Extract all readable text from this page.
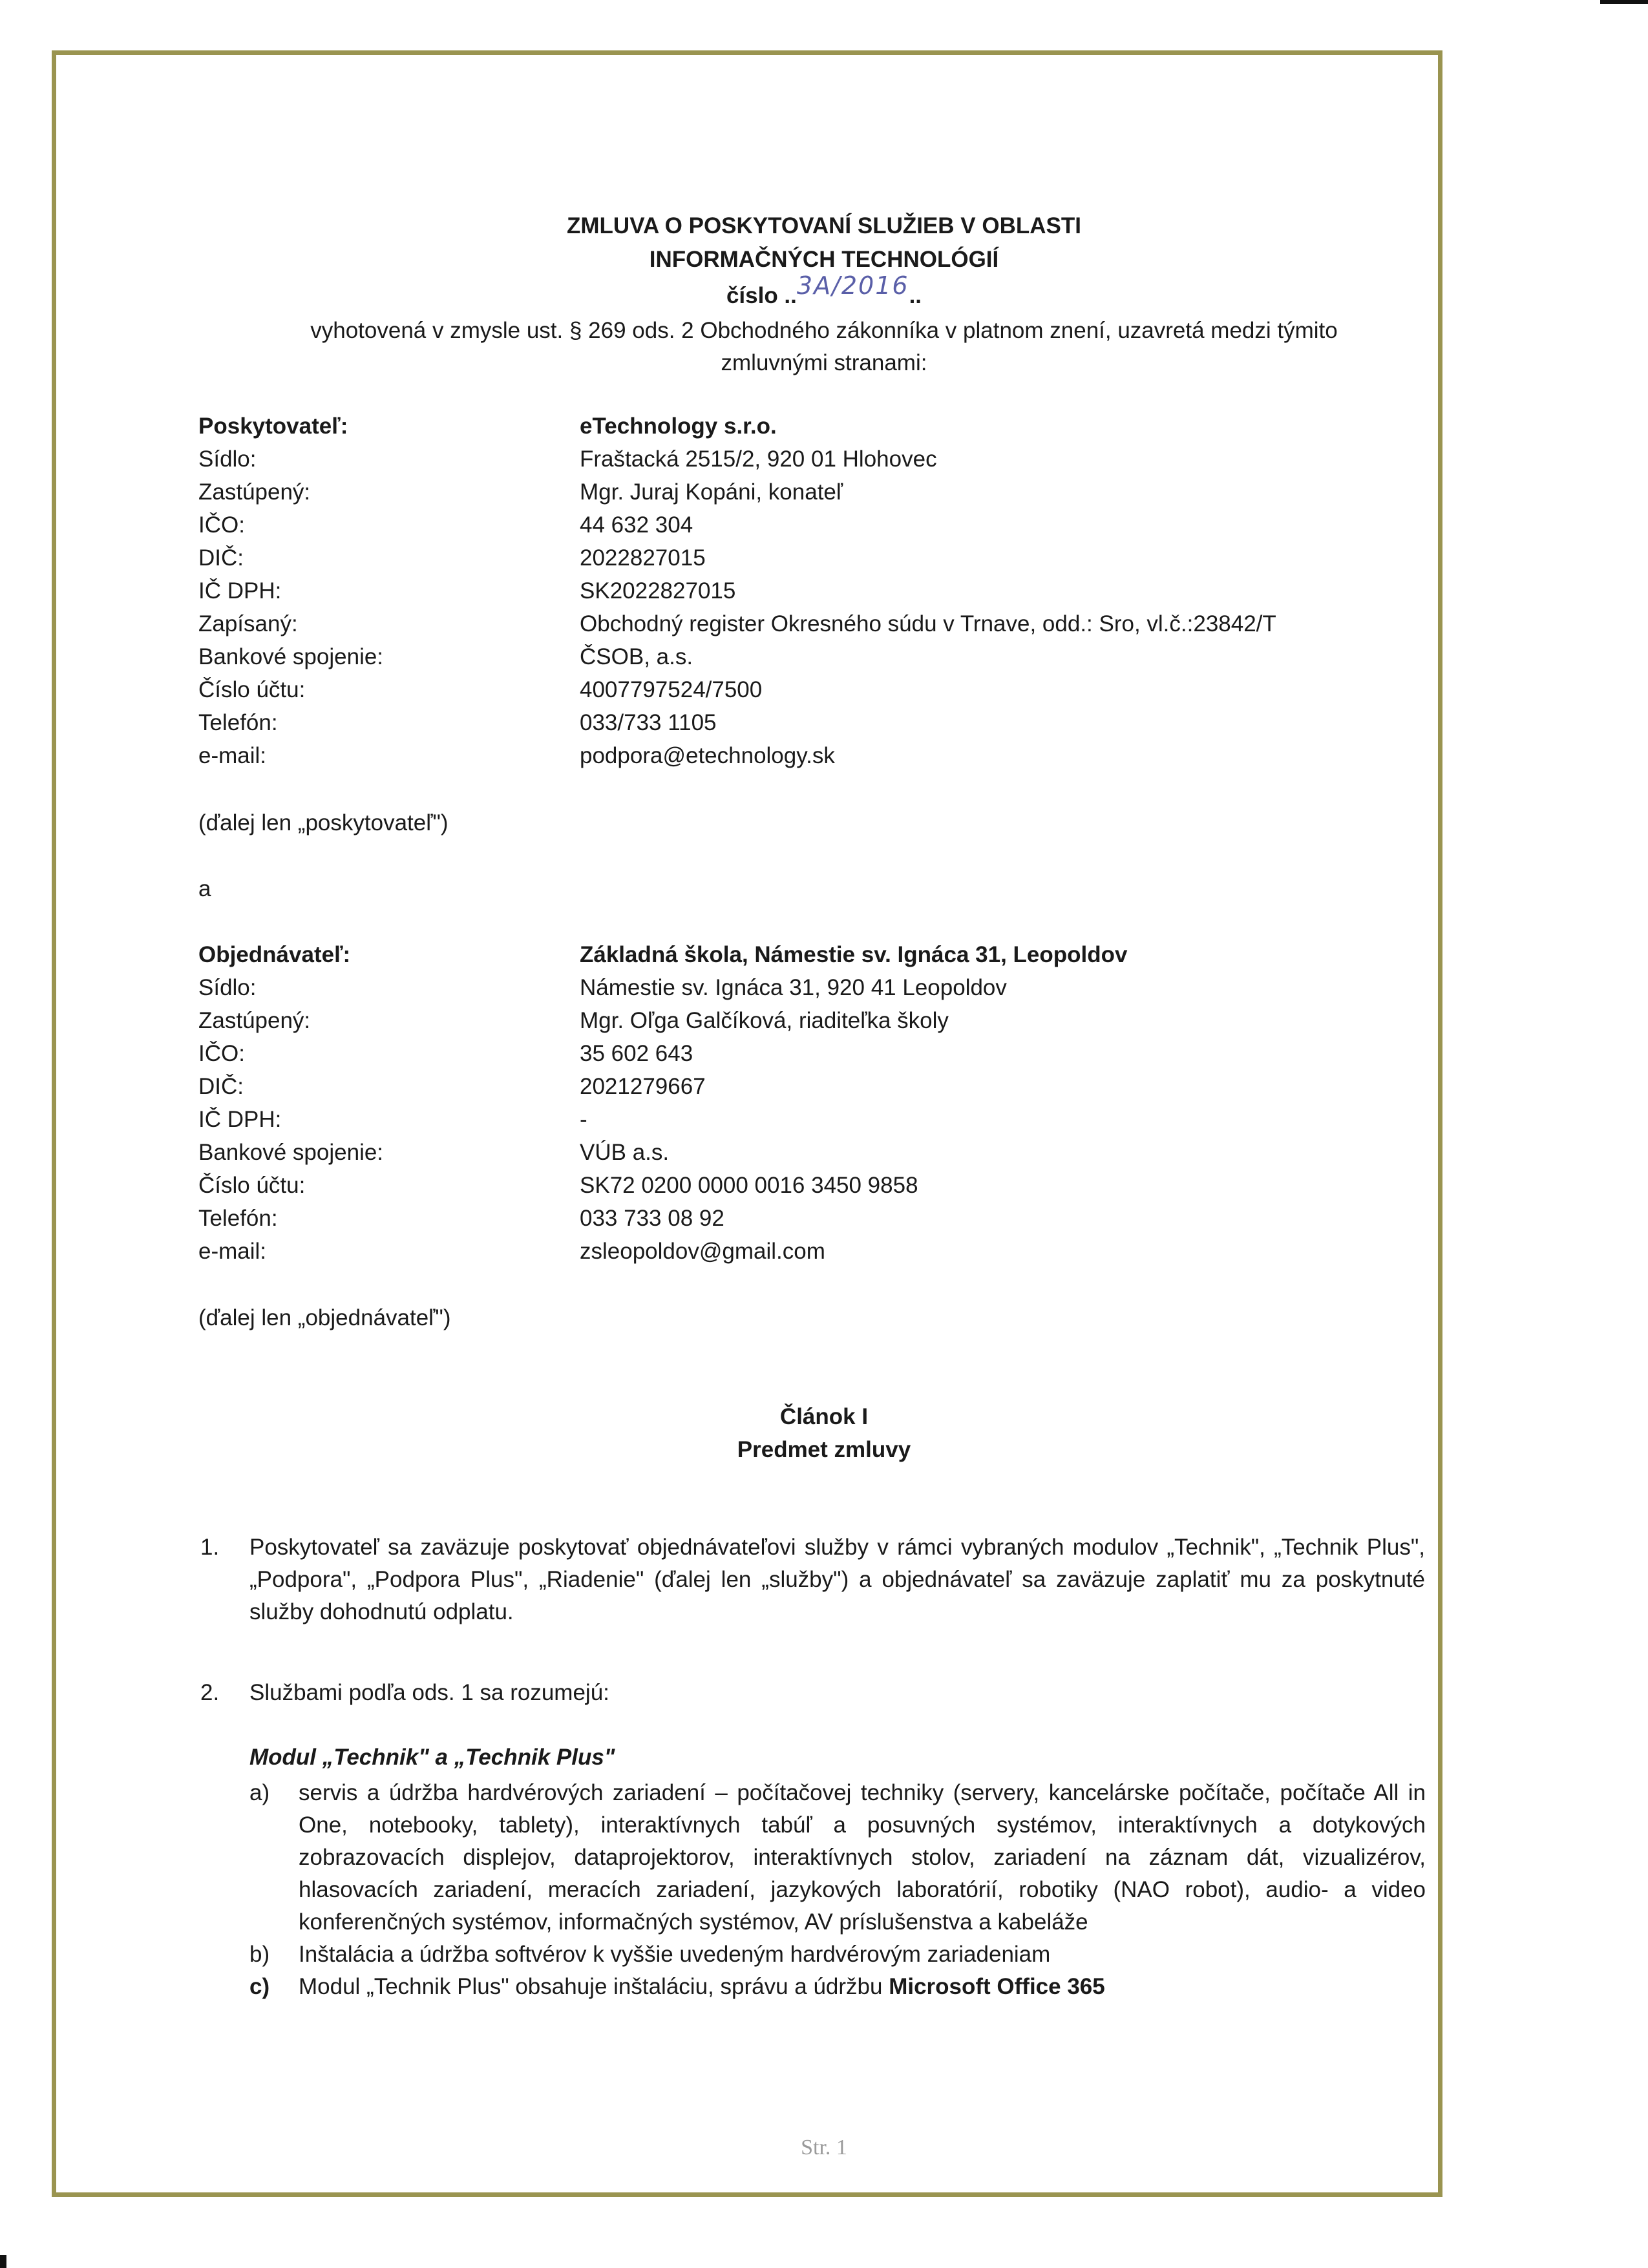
ZMLUVA O POSKYTOVANÍ SLUŽIEB V OBLASTI
INFORMAČNÝCH TECHNOLÓGIÍ
číslo ..3A/2016..
vyhotovená v zmysle ust. § 269 ods. 2 Obchodného zákonníka v platnom znení, uzavretá medzi týmito
zmluvnými stranami:
Poskytovateľ:	eTechnology s.r.o.
Sídlo:	Fraštacká 2515/2, 920 01 Hlohovec
Zastúpený:	Mgr. Juraj Kopáni, konateľ
IČO:	44 632 304
DIČ:	2022827015
IČ DPH:	SK2022827015
Zapísaný:	Obchodný register Okresného súdu v Trnave, odd.: Sro, vl.č.:23842/T
Bankové spojenie:	ČSOB, a.s.
Číslo účtu:	4007797524/7500
Telefón:	033/733 1105
e-mail:	podpora@etechnology.sk
(ďalej len „poskytovateľ")
a
Objednávateľ:	Základná škola, Námestie sv. Ignáca 31, Leopoldov
Sídlo:	Námestie sv. Ignáca 31, 920 41 Leopoldov
Zastúpený:	Mgr. Oľga Galčíková, riaditeľka školy
IČO:	35 602 643
DIČ:	2021279667
IČ DPH:	-
Bankové spojenie:	VÚB a.s.
Číslo účtu:	SK72 0200 0000 0016 3450 9858
Telefón:	033 733 08 92
e-mail:	zsleopoldov@gmail.com
(ďalej len „objednávateľ")
Článok I
Predmet zmluvy
1. Poskytovateľ sa zaväzuje poskytovať objednávateľovi služby v rámci vybraných modulov „Technik", „Technik Plus", „Podpora", „Podpora Plus", „Riadenie" (ďalej len „služby") a objednávateľ sa zaväzuje zaplatiť mu za poskytnuté služby dohodnutú odplatu.
2. Službami podľa ods. 1 sa rozumejú:
Modul „Technik" a „Technik Plus"
a) servis a údržba hardvérových zariadení – počítačovej techniky (servery, kancelárske počítače, počítače All in One, notebooky, tablety), interaktívnych tabúľ a posuvných systémov, interaktívnych a dotykových zobrazovacích displejov, dataprojektorov, interaktívnych stolov, zariadení na záznam dát, vizualizérov, hlasovacích zariadení, meracích zariadení, jazykových laboratórií, robotiky (NAO robot), audio- a video konferenčných systémov, informačných systémov, AV príslušenstva a kabeláže
b) Inštalácia a údržba softvérov k vyššie uvedeným hardvérovým zariadeniam
c) Modul „Technik Plus" obsahuje inštaláciu, správu a údržbu Microsoft Office 365
Str. 1
